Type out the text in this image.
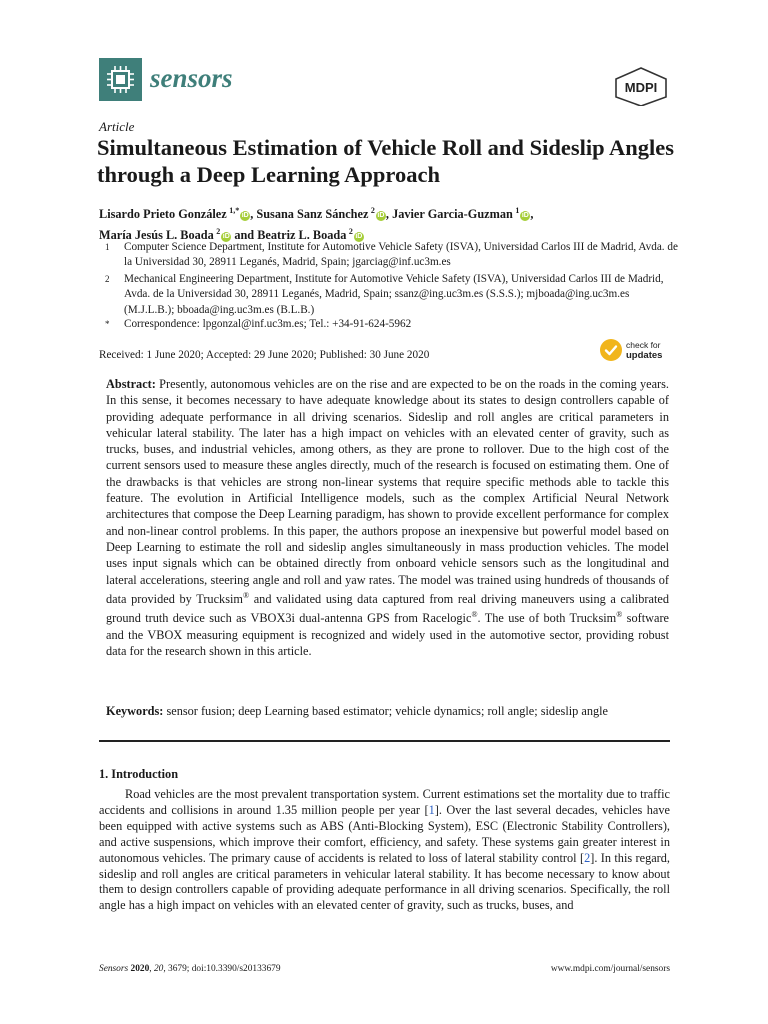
sensors	MDPI
Article
Simultaneous Estimation of Vehicle Roll and Sideslip Angles through a Deep Learning Approach
Lisardo Prieto González  $^{1,*}$iD , Susana Sanz Sánchez  $^2$iD , Javier Garcia-Guzman  $^1$iD ,
María Jesús L. Boada  $^2$iD and Beatriz L. Boada  $^2$iD
1 Computer Science Department, Institute for Automotive Vehicle Safety (ISVA), Universidad Carlos III de Madrid, Avda. de la Universidad 30, 28911 Leganés, Madrid, Spain; jgarciag@inf.uc3m.es
2 Mechanical Engineering Department, Institute for Automotive Vehicle Safety (ISVA), Universidad Carlos III de Madrid, Avda. de la Universidad 30, 28911 Leganés, Madrid, Spain; ssanz@ing.uc3m.es (S.S.S.); mjboada@ing.uc3m.es (M.J.L.B.); bboada@ing.uc3m.es (B.L.B.)
* Correspondence: lpgonzal@inf.uc3m.es; Tel.: +34-91-624-5962
Received: 1 June 2020; Accepted: 29 June 2020; Published: 30 June 2020
check for
updates

Abstract: Presently, autonomous vehicles are on the rise and are expected to be on the roads in the coming years. In this sense, it becomes necessary to have adequate knowledge about its states to design controllers capable of providing adequate performance in all driving scenarios. Sideslip and roll angles are critical parameters in vehicular lateral stability. The later has a high impact on vehicles with an elevated center of gravity, such as trucks, buses, and industrial vehicles, among others, as they are prone to rollover. Due to the high cost of the current sensors used to measure these angles directly, much of the research is focused on estimating them. One of the drawbacks is that vehicles are strong non-linear systems that require specific methods able to tackle this feature. The evolution in Artificial Intelligence models, such as the complex Artificial Neural Network architectures that compose the Deep Learning paradigm, has shown to provide excellent performance for complex and non-linear control problems. In this paper, the authors propose an inexpensive but powerful model based on Deep Learning to estimate the roll and sideslip angles simultaneously in mass production vehicles. The model uses input signals which can be obtained directly from onboard vehicle sensors such as the longitudinal and lateral accelerations, steering angle and roll and yaw rates. The model was trained using hundreds of thousands of data provided by Trucksim® and validated using data captured from real driving maneuvers using a calibrated ground truth device such as VBOX3i dual-antenna GPS from Racelogic®. The use of both Trucksim® software and the VBOX measuring equipment is recognized and widely used in the automotive sector, providing robust data for the research shown in this article.

Keywords: sensor fusion; deep Learning based estimator; vehicle dynamics; roll angle; sideslip angle

1. Introduction

Road vehicles are the most prevalent transportation system. Current estimations set the mortality due to traffic accidents and collisions in around 1.35 million people per year [1]. Over the last several decades, vehicles have been equipped with active systems such as ABS (Anti-Blocking System), ESC (Electronic Stability Controllers), and active suspensions, which improve their comfort, efficiency, and safety. These systems gain greater interest in autonomous vehicles. The primary cause of accidents is related to loss of lateral stability control [2]. In this regard, sideslip and roll angles are critical parameters in vehicular lateral stability. It has become necessary to know about them to design controllers capable of providing adequate performance in all driving scenarios. Specifically, the roll angle has a high impact on vehicles with an elevated center of gravity, such as trucks, buses, and

Sensors 2020, 20, 3679; doi:10.3390/s20133679	www.mdpi.com/journal/sensors
